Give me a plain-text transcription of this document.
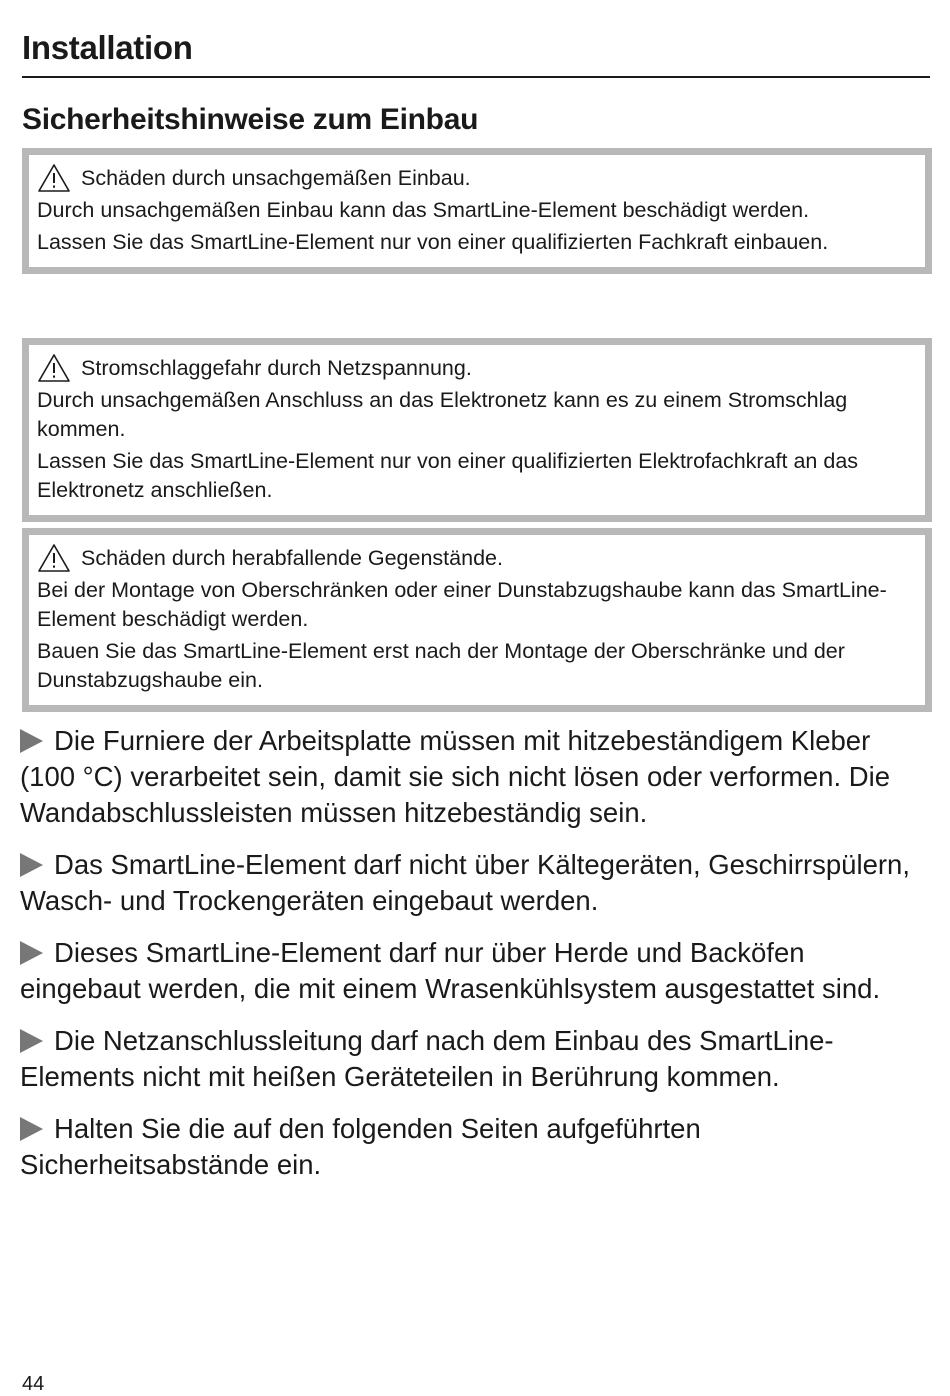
Installation
Sicherheitshinweise zum Einbau

Schäden durch unsachgemäßen Einbau.

Durch unsachgemäßen Einbau kann das SmartLine-Element beschädigt werden.

Lassen Sie das SmartLine-Element nur von einer qualifizierten Fachkraft einbauen.

Stromschlaggefahr durch Netzspannung.

Durch unsachgemäßen Anschluss an das Elektronetz kann es zu einem Stromschlag kommen.

Lassen Sie das SmartLine-Element nur von einer qualifizierten Elektrofachkraft an das Elektronetz anschließen.

Schäden durch herabfallende Gegenstände.

Bei der Montage von Oberschränken oder einer Dunstabzugshaube kann das SmartLine-Element beschädigt werden.

Bauen Sie das SmartLine-Element erst nach der Montage der Oberschränke und der Dunstabzugshaube ein.

Die Furniere der Arbeitsplatte müssen mit hitzebeständigem Kleber (100 °C) verarbeitet sein, damit sie sich nicht lösen oder verformen. Die Wandabschlussleisten müssen hitzebeständig sein.

Das SmartLine-Element darf nicht über Kältegeräten, Geschirrspülern, Wasch- und Trockengeräten eingebaut werden.

Dieses SmartLine-Element darf nur über Herde und Backöfen eingebaut werden, die mit einem Wrasenkühlsystem ausgestattet sind.

Die Netzanschlussleitung darf nach dem Einbau des SmartLine-Elements nicht mit heißen Geräteteilen in Berührung kommen.

Halten Sie die auf den folgenden Seiten aufgeführten Sicherheitsabstände ein.

44
